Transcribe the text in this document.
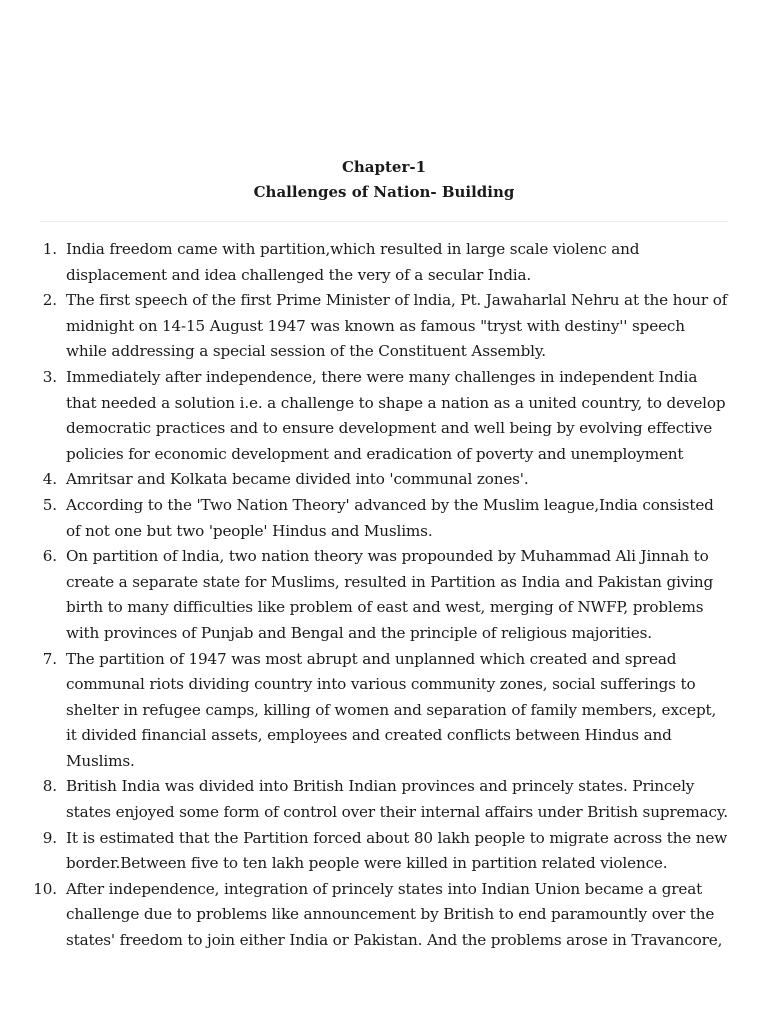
Chapter-1
Challenges of Nation- Building
1. India freedom came with partition,which resulted in large scale violenc and displacement and idea challenged the very of a secular India.
2. The first speech of the first Prime Minister of lndia, Pt. Jawaharlal Nehru at the hour of midnight on 14-15 August 1947 was known as famous "tryst with destiny'' speech while addressing a special session of the Constituent Assembly.
3. Immediately after independence, there were many challenges in independent India that needed a solution i.e. a challenge to shape a nation as a united country, to develop democratic practices and to ensure development and well being by evolving effective policies for economic development and eradication of poverty and unemployment
4. Amritsar and Kolkata became divided into 'communal zones'.
5. According to the 'Two Nation Theory' advanced by the Muslim league,India consisted of not one but two 'people' Hindus and Muslims.
6. On partition of lndia, two nation theory was propounded by Muhammad Ali Jinnah to create a separate state for Muslims, resulted in Partition as India and Pakistan giving birth to many difficulties like problem of east and west, merging of NWFP, problems with provinces of Punjab and Bengal and the principle of religious majorities.
7. The partition of 1947 was most abrupt and unplanned which created and spread communal riots dividing country into various community zones, social sufferings to shelter in refugee camps, killing of women and separation of family members, except, it divided financial assets, employees and created conflicts between Hindus and Muslims.
8. British India was divided into British Indian provinces and princely states. Princely states enjoyed some form of control over their internal affairs under British supremacy.
9. It is estimated that the Partition forced about 80 lakh people to migrate across the new border.Between five to ten lakh people were killed in partition related violence.
10. After independence, integration of princely states into Indian Union became a great challenge due to problems like announcement by British to end paramountly over the states' freedom to join either India or Pakistan. And the problems arose in Travancore,
